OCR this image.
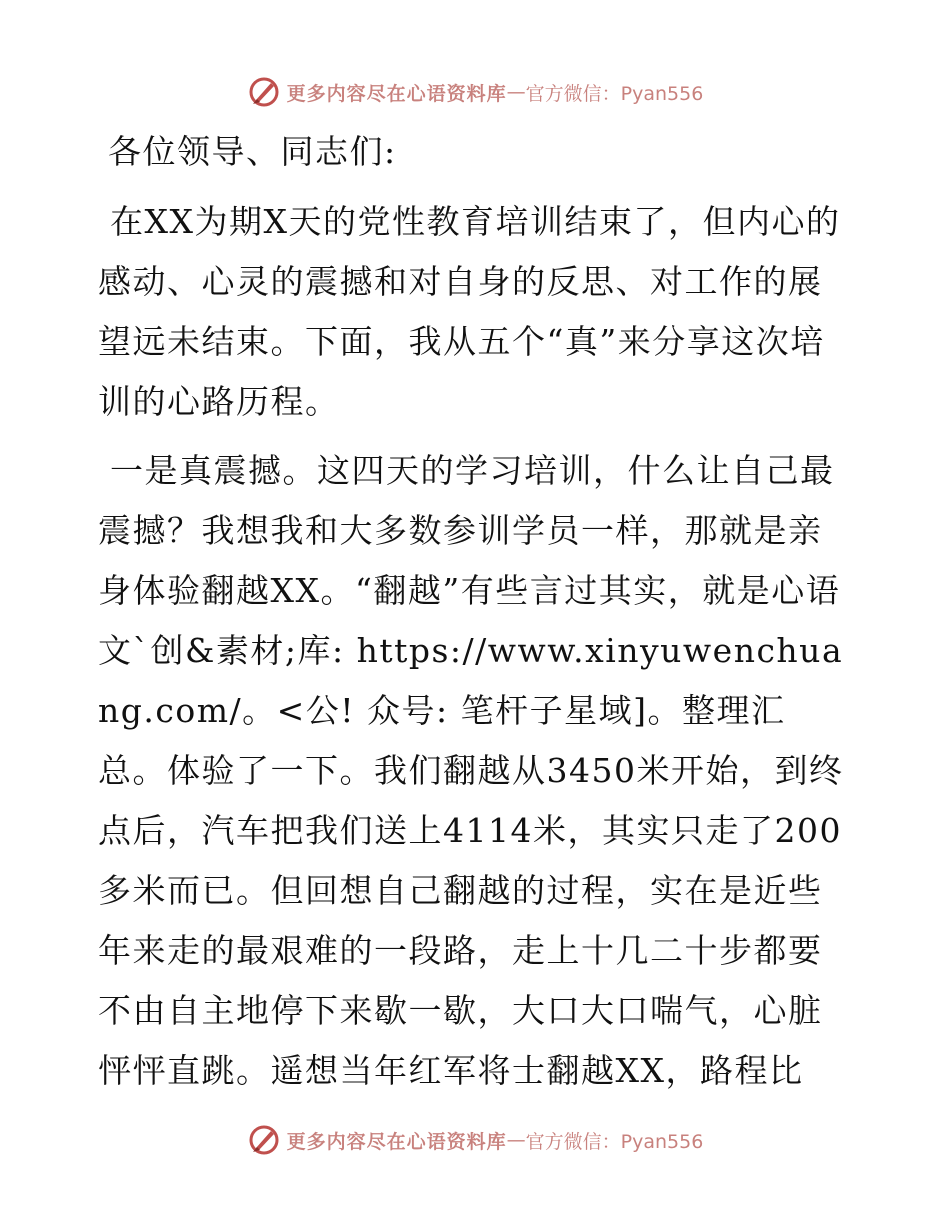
更多内容尽在心语资料库 — 官方微信：Pyan556

各位领导、同志们:

在XX为期X天的党性教育培训结束了，但内心的感动、心灵的震撼和对自身的反思、对工作的展望远未结束。下面，我从五个“真”来分享这次培训的心路历程。

一是真震撼。这四天的学习培训，什么让自己最震撼？我想我和大多数参训学员一样，那就是亲身体验翻越XX。“翻越”有些言过其实，就是心语文`创&素材;库: https://www.xinyuwenchuang.com/。<公! 众号: 笔杆子星域]。整理汇总。体验了一下。我们翻越从3450米开始，到终点后，汽车把我们送上4114米，其实只走了200多米而已。但回想自己翻越的过程，实在是近些年来走的最艰难的一段路，走上十几二十步都要不由自主地停下来歇一歇，大口大口喘气，心脏怦怦直跳。遥想当年红军将士翻越XX，路程比

更多内容尽在心语资料库 — 官方微信：Pyan556
